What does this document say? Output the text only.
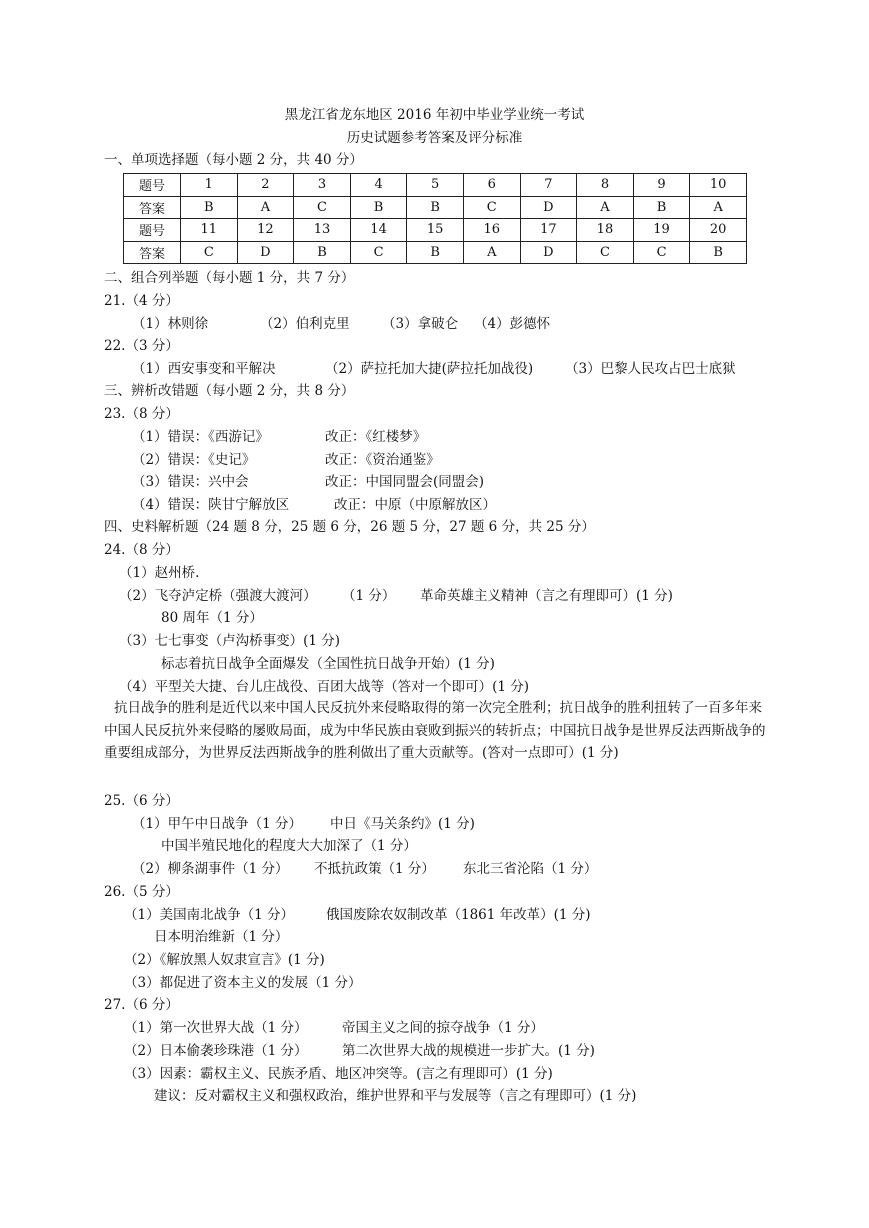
黑龙江省龙东地区 2016 年初中毕业学业统一考试
历史试题参考答案及评分标准
一、单项选择题（每小题 2 分，共 40 分）
题号	1	2	3	4	5	6	7	8	9	10
答案	B	A	C	B	B	C	D	A	B	A
题号	11	12	13	14	15	16	17	18	19	20
答案	C	D	B	C	B	A	D	C	C	B
二、组合列举题（每小题 1 分，共 7 分）
21.（4 分）
（1）林则徐	（2）伯利克里 （3）拿破仑 （4）彭德怀
22.（3 分）
（1）西安事变和平解决	（2）萨拉托加大捷(萨拉托加战役) （3）巴黎人民攻占巴士底狱
三、辨析改错题（每小题 2 分，共 8 分）
23.（8 分）
（1）错误：《西游记》	改正：《红楼梦》
（2）错误：《史记》	改正：《资治通鉴》
（3）错误：兴中会	改正：中国同盟会(同盟会)
（4）错误：陕甘宁解放区	改正：中原（中原解放区）
四、史料解析题（24 题 8 分，25 题 6 分，26 题 5 分，27 题 6 分，共 25 分）
24.（8 分）
（1）赵州桥.
（2）飞夺泸定桥（强渡大渡河） （1 分） 革命英雄主义精神（言之有理即可）(1 分)
80 周年（1 分）
（3）七七事变（卢沟桥事变）(1 分)
标志着抗日战争全面爆发（全国性抗日战争开始）(1 分)
（4）平型关大捷、台儿庄战役、百团大战等（答对一个即可）(1 分)
抗日战争的胜利是近代以来中国人民反抗外来侵略取得的第一次完全胜利；抗日战争的胜利扭转了一百多年来中国人民反抗外来侵略的屡败局面，成为中华民族由衰败到振兴的转折点；中国抗日战争是世界反法西斯战争的重要组成部分，为世界反法西斯战争的胜利做出了重大贡献等。(答对一点即可）(1 分)
25.（6 分）
（1）甲午中日战争（1 分） 中日《马关条约》(1 分)
中国半殖民地化的程度大大加深了（1 分）
（2）柳条湖事件（1 分） 不抵抗政策（1 分） 东北三省沦陷（1 分）
26.（5 分）
（1）美国南北战争（1 分） 俄国废除农奴制改革（1861 年改革）(1 分)
日本明治维新（1 分）
（2）《解放黑人奴隶宣言》(1 分)
（3）都促进了资本主义的发展（1 分）
27.（6 分）
（1）第一次世界大战（1 分）	帝国主义之间的掠夺战争（1 分）
（2）日本偷袭珍珠港（1 分）	第二次世界大战的规模进一步扩大。(1 分)
（3）因素：霸权主义、民族矛盾、地区冲突等。(言之有理即可）(1 分)
建议：反对霸权主义和强权政治，维护世界和平与发展等（言之有理即可）(1 分)
